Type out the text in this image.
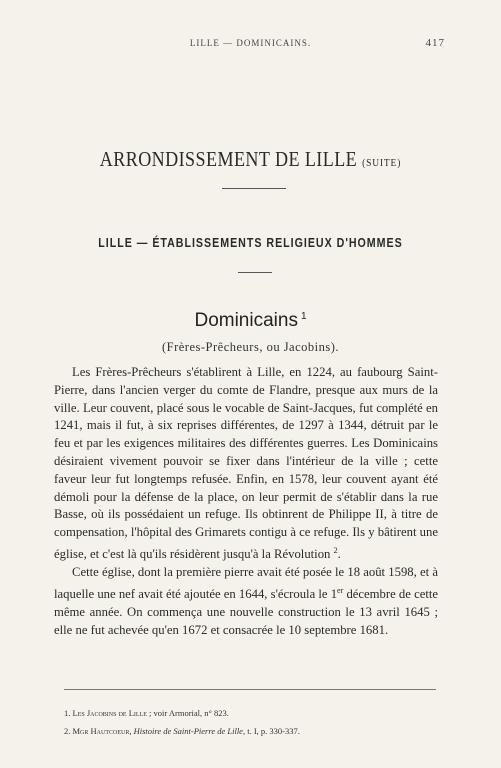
LILLE — DOMINICAINS.	417
ARRONDISSEMENT DE LILLE (SUITE)
LILLE — ÉTABLISSEMENTS RELIGIEUX D'HOMMES
Dominicains $^1$
(Frères-Prêcheurs, ou Jacobins).

Les Frères-Prêcheurs s'établirent à Lille, en 1224, au faubourg Saint-Pierre, dans l'ancien verger du comte de Flandre, presque aux murs de la ville. Leur couvent, placé sous le vocable de Saint-Jacques, fut complété en 1241, mais il fut, à six reprises différentes, de 1297 à 1344, détruit par le feu et par les exigences militaires des différentes guerres. Les Dominicains désiraient vivement pouvoir se fixer dans l'intérieur de la ville ; cette faveur leur fut longtemps refusée. Enfin, en 1578, leur couvent ayant été démoli pour la défense de la place, on leur permit de s'établir dans la rue Basse, où ils possédaient un refuge. Ils obtinrent de Philippe II, à titre de compensation, l'hôpital des Grimarets contigu à ce refuge. Ils y bâtirent une église, et c'est là qu'ils résidèrent jusqu'à la Révolution $^2$.

Cette église, dont la première pierre avait été posée le 18 août 1598, et à laquelle une nef avait été ajoutée en 1644, s'écroula le 1er décembre de cette même année. On commença une nouvelle construction le 13 avril 1645 ; elle ne fut achevée qu'en 1672 et consacrée le 10 septembre 1681.

1. Les Jacobins de Lille ; voir Armorial, n° 823.

2. Mgr Hautcoeur, Histoire de Saint-Pierre de Lille, t. I, p. 330-337.
